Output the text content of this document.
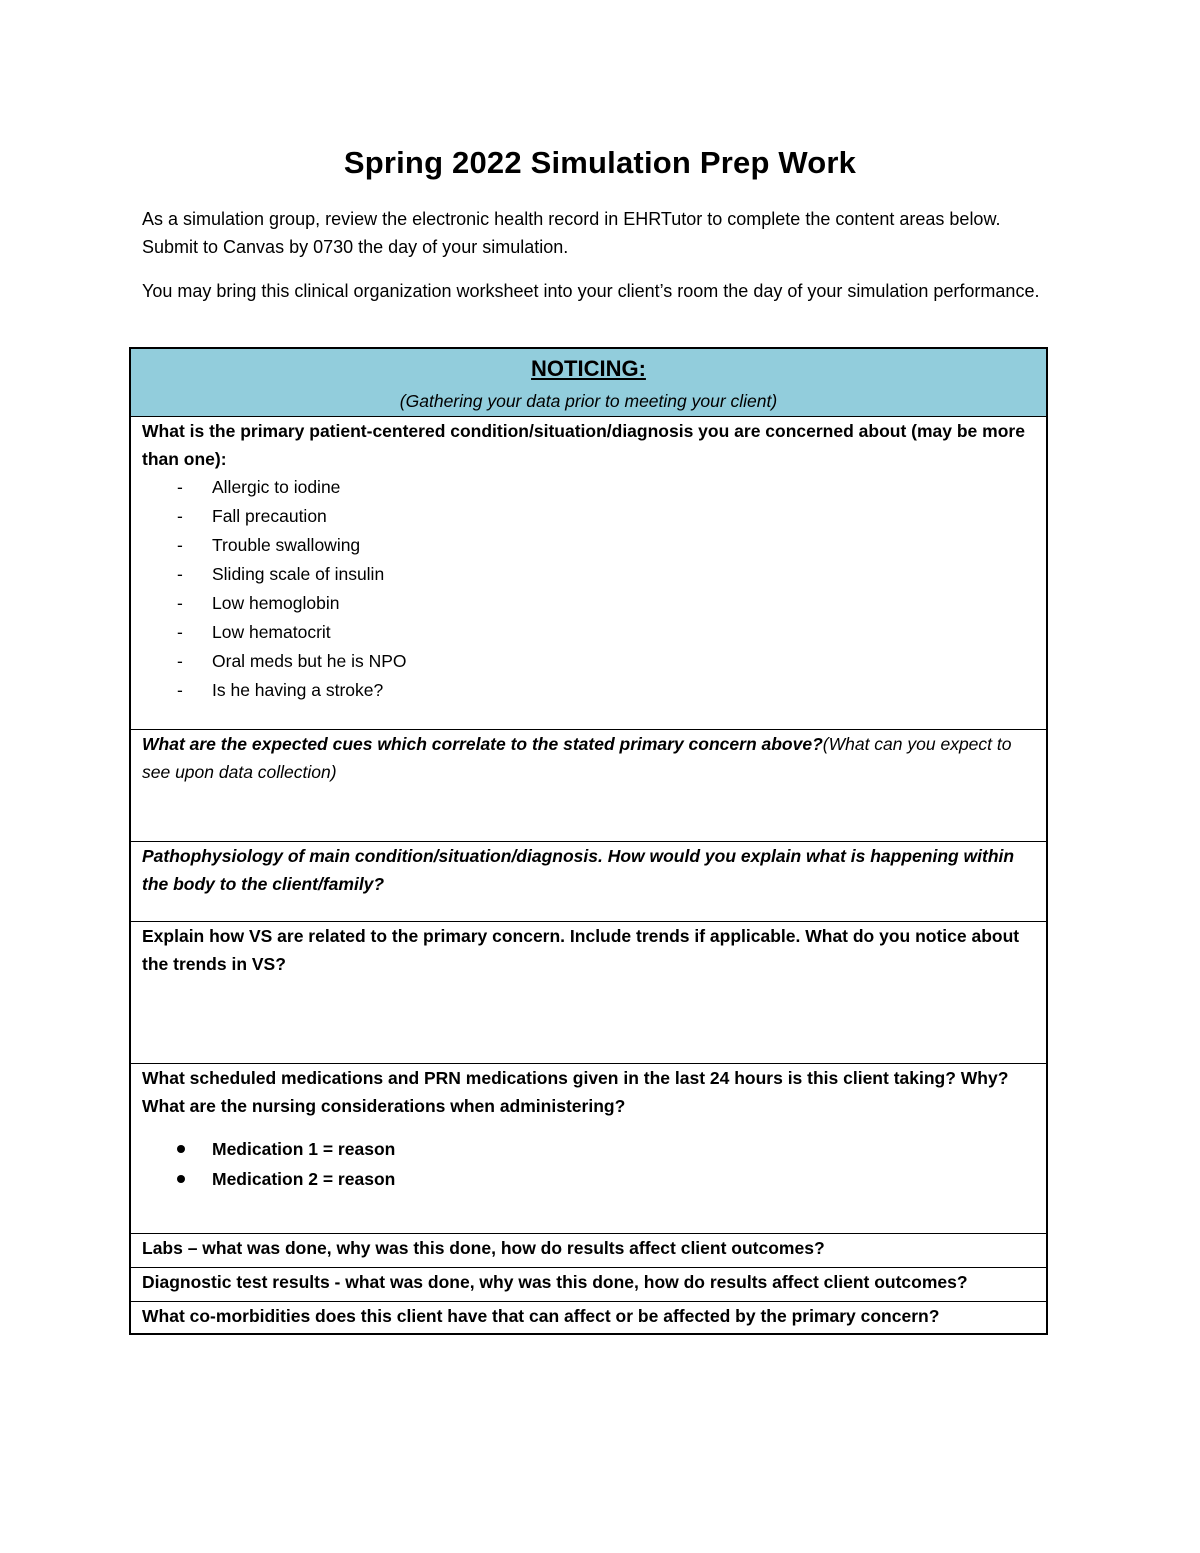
Spring 2022 Simulation Prep Work
As a simulation group, review the electronic health record in EHRTutor to complete the content areas below. Submit to Canvas by 0730 the day of your simulation.
You may bring this clinical organization worksheet into your client’s room the day of your simulation performance.
NOTICING:
(Gathering your data prior to meeting your client)
What is the primary patient-centered condition/situation/diagnosis you are concerned about (may be more than one):
- Allergic to iodine
- Fall precaution
- Trouble swallowing
- Sliding scale of insulin
- Low hemoglobin
- Low hematocrit
- Oral meds but he is NPO
- Is he having a stroke?
What are the expected cues which correlate to the stated primary concern above?(What can you expect to see upon data collection)
Pathophysiology of main condition/situation/diagnosis. How would you explain what is happening within the body to the client/family?
Explain how VS are related to the primary concern. Include trends if applicable. What do you notice about the trends in VS?
What scheduled medications and PRN medications given in the last 24 hours is this client taking? Why? What are the nursing considerations when administering?
Medication 1 = reason
Medication 2 = reason
Labs – what was done, why was this done, how do results affect client outcomes?
Diagnostic test results - what was done, why was this done, how do results affect client outcomes?
What co-morbidities does this client have that can affect or be affected by the primary concern?
